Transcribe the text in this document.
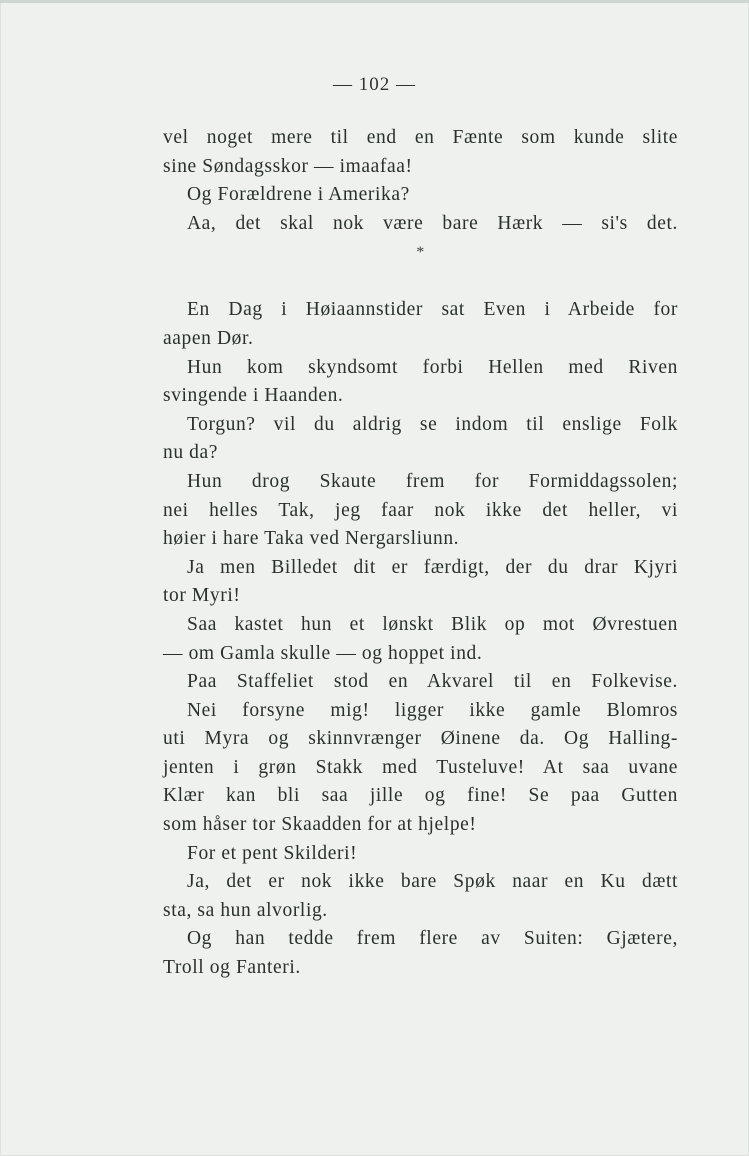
— 102 —
vel noget mere til end en Fænte som kunde slite
sine Søndagsskor — imaafaa!
Og Forældrene i Amerika?
Aa, det skal nok være bare Hærk — si's det.
*
En Dag i Høiaannstider sat Even i Arbeide for
aapen Dør.
Hun kom skyndsomt forbi Hellen med Riven
svingende i Haanden.
Torgun? vil du aldrig se indom til enslige Folk
nu da?
Hun drog Skaute frem for Formiddagssolen;
nei helles Tak, jeg faar nok ikke det heller, vi
høier i hare Taka ved Nergarsliunn.
Ja men Billedet dit er færdigt, der du drar Kjyri
tor Myri!
Saa kastet hun et lønskt Blik op mot Øvrestuen
— om Gamla skulle — og hoppet ind.
Paa Staffeliet stod en Akvarel til en Folkevise.
Nei forsyne mig! ligger ikke gamle Blomros
uti Myra og skinnvrænger Øinene da. Og Halling-
jenten i grøn Stakk med Tusteluve! At saa uvane
Klær kan bli saa jille og fine! Se paa Gutten
som håser tor Skaadden for at hjelpe!
For et pent Skilderi!
Ja, det er nok ikke bare Spøk naar en Ku dætt
sta, sa hun alvorlig.
Og han tedde frem flere av Suiten: Gjætere,
Troll og Fanteri.
